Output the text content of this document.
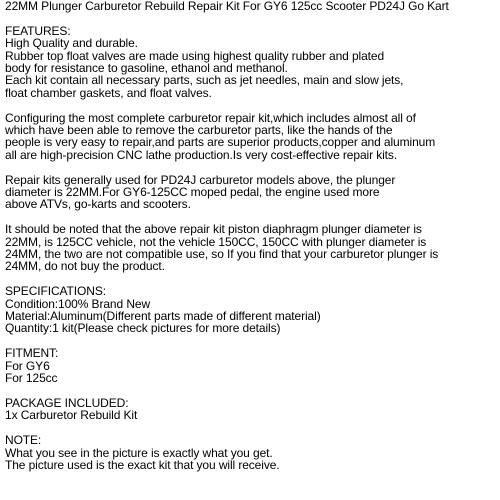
22MM Plunger Carburetor Rebuild Repair Kit For GY6 125cc Scooter PD24J Go Kart
FEATURES:
High Quality and durable.
Rubber top float valves are made using highest quality rubber and plated
body for resistance to gasoline, ethanol and methanol.
Each kit contain all necessary parts, such as jet needles, main and slow jets,
float chamber gaskets, and float valves.
Configuring the most complete carburetor repair kit,which includes almost all of
which have been able to remove the carburetor parts, like the hands of the
people is very easy to repair,and parts are superior products,copper and aluminum
all are high-precision CNC lathe production.Is very cost-effective repair kits.
Repair kits generally used for PD24J carburetor models above, the plunger
diameter is 22MM.For GY6-125CC moped pedal, the engine used more
above ATVs, go-karts and scooters.
It should be noted that the above repair kit piston diaphragm plunger diameter is
22MM, is 125CC vehicle, not the vehicle 150CC, 150CC with plunger diameter is
24MM, the two are not compatible use, so If you find that your carburetor plunger is
24MM, do not buy the product.
SPECIFICATIONS:
Condition:100% Brand New
Material:Aluminum(Different parts made of different material)
Quantity:1 kit(Please check pictures for more details)
FITMENT:
For GY6
For 125cc
PACKAGE INCLUDED:
1x Carburetor Rebuild Kit
NOTE:
What you see in the picture is exactly what you get.
The picture used is the exact kit that you will receive.
